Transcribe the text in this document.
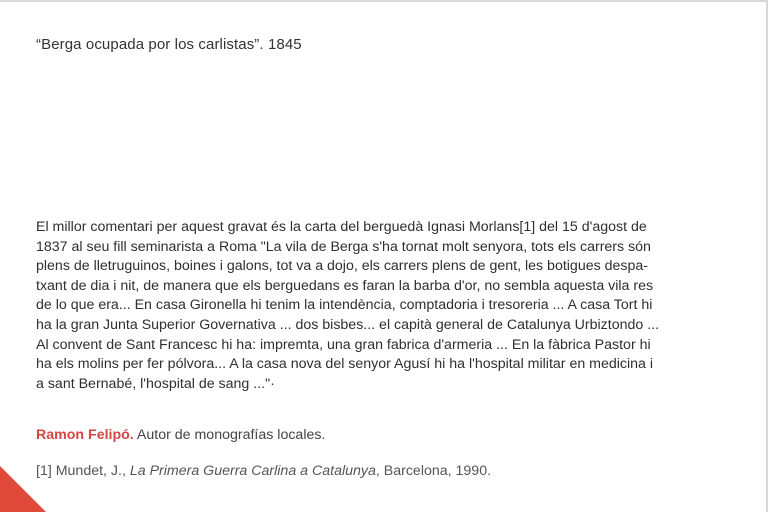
“Berga ocupada por los carlistas”. 1845

El millor comentari per aquest gravat és la carta del berguedà Ignasi Morlans[1] del 15 d'agost de
1837 al seu fill seminarista a Roma "La vila de Berga s'ha tornat molt senyora, tots els carrers són
plens de lletruguinos, boines i galons, tot va a dojo, els carrers plens de gent, les botigues despa-
txant de dia i nit, de manera que els berguedans es faran la barba d'or, no sembla aquesta vila res
de lo que era... En casa Gironella hi tenim la intendència, comptadoria i tresoreria ... A casa Tort hi
ha la gran Junta Superior Governativa ... dos bisbes... el capità general de Catalunya Urbiztondo ...
Al convent de Sant Francesc hi ha: impremta, una gran fabrica d'armeria ... En la fàbrica Pastor hi
ha els molins per fer pólvora... A la casa nova del senyor Agusí hi ha l'hospital militar en medicina i
a sant Bernabé, l'hospital de sang ..."·

Ramon Felipó. Autor de monografías locales.
[1] Mundet, J., La Primera Guerra Carlina a Catalunya, Barcelona, 1990.
